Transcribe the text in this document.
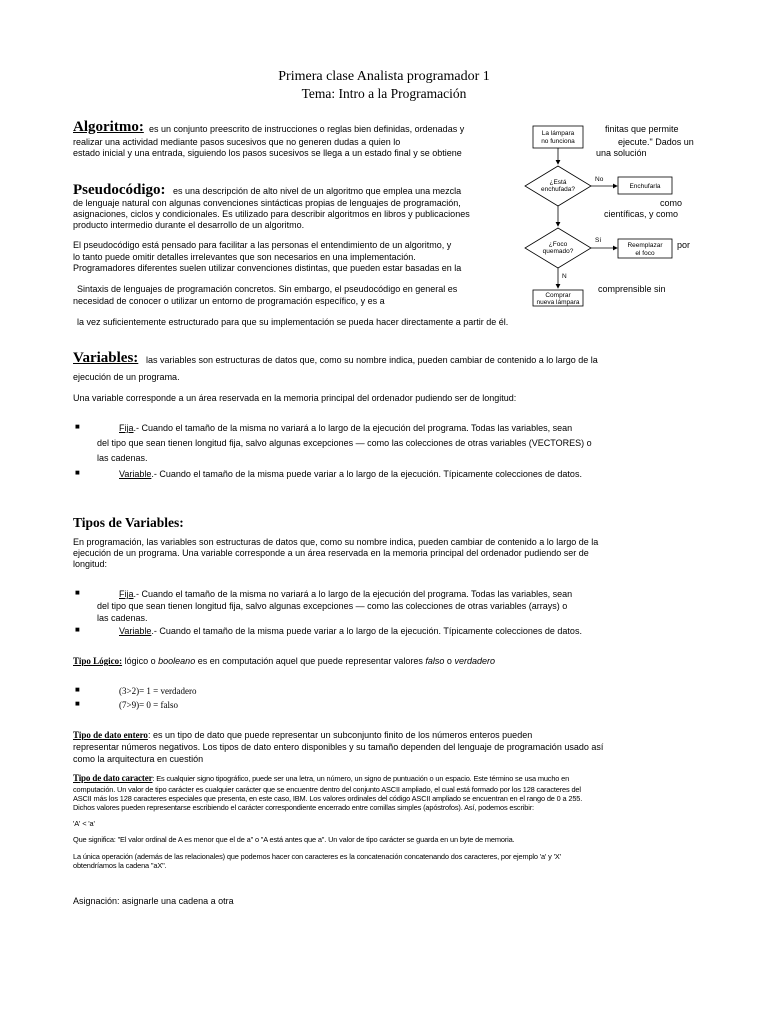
Primera clase Analista programador 1
Tema: Intro a la Programación
Algoritmo: es un conjunto preescrito de instrucciones o reglas bien definidas, ordenadas y	finitas que permite
realizar una actividad mediante pasos sucesivos que no generen dudas a quien lo	ejecute." Dados un
estado inicial y una entrada, siguiendo los pasos sucesivos se llega a un estado final y se obtiene	una solución
Pseudocódigo: es una descripción de alto nivel de un algoritmo que emplea una mezcla
de lenguaje natural con algunas convenciones sintácticas propias de lenguajes de programación,	como
asignaciones, ciclos y condicionales. Es utilizado para describir algoritmos en libros y publicaciones	científicas, y como
producto intermedio durante el desarrollo de un algoritmo.
El pseudocódigo está pensado para facilitar a las personas el entendimiento de un algoritmo, y	por
lo tanto puede omitir detalles irrelevantes que son necesarios en una implementación.
Programadores diferentes suelen utilizar convenciones distintas, que pueden estar basadas en la
Sintaxis de lenguajes de programación concretos. Sin embargo, el pseudocódigo en general es	comprensible sin
necesidad de conocer o utilizar un entorno de programación específico, y es a
la vez suficientemente estructurado para que su implementación se pueda hacer directamente a partir de él.
La lámpara
no funciona
¿Está
enchufada?
No
Enchufarla
¿Foco
quemado?
Sí
Reemplazar
el foco
N
Comprar
nueva lámpara
Variables: las variables son estructuras de datos que, como su nombre indica, pueden cambiar de contenido a lo largo de la
ejecución de un programa.
Una variable corresponde a un área reservada en la memoria principal del ordenador pudiendo ser de longitud:
■	Fija.- Cuando el tamaño de la misma no variará a lo largo de la ejecución del programa. Todas las variables, sean
del tipo que sean tienen longitud fija, salvo algunas excepciones — como las colecciones de otras variables (VECTORES) o
las cadenas.
■	Variable.- Cuando el tamaño de la misma puede variar a lo largo de la ejecución. Típicamente colecciones de datos.
Tipos de Variables:
En programación, las variables son estructuras de datos que, como su nombre indica, pueden cambiar de contenido a lo largo de la
ejecución de un programa. Una variable corresponde a un área reservada en la memoria principal del ordenador pudiendo ser de
longitud:
■	Fija.- Cuando el tamaño de la misma no variará a lo largo de la ejecución del programa. Todas las variables, sean
del tipo que sean tienen longitud fija, salvo algunas excepciones — como las colecciones de otras variables (arrays) o
las cadenas.
■	Variable.- Cuando el tamaño de la misma puede variar a lo largo de la ejecución. Típicamente colecciones de datos.
Tipo Lógico: lógico o booleano es en computación aquel que puede representar valores falso o verdadero
■	(3>2)= 1 = verdadero
■	(7>9)= 0 = falso
Tipo de dato entero: es un tipo de dato que puede representar un subconjunto finito de los números enteros pueden
representar números negativos. Los tipos de dato entero disponibles y su tamaño dependen del lenguaje de programación usado así
como la arquitectura en cuestión
Tipo de dato caracter: Es cualquier signo tipográfico, puede ser una letra, un número, un signo de puntuación o un espacio. Este término se usa mucho en
computación. Un valor de tipo carácter es cualquier carácter que se encuentre dentro del conjunto ASCII ampliado, el cual está formado por los 128 caracteres del
ASCII más los 128 caracteres especiales que presenta, en este caso, IBM. Los valores ordinales del código ASCII ampliado se encuentran en el rango de 0 a 255.
Dichos valores pueden representarse escribiendo el carácter correspondiente encerrado entre comillas simples (apóstrofos). Así, podemos escribir:
'A' < 'a'
Que significa: "El valor ordinal de A es menor que el de a" o "A está antes que a". Un valor de tipo carácter se guarda en un byte de memoria.
La única operación (además de las relacionales) que podemos hacer con caracteres es la concatenación concatenando dos caracteres, por ejemplo 'a' y 'X'
obtendríamos la cadena "aX".
Asignación: asignarle una cadena a otra
